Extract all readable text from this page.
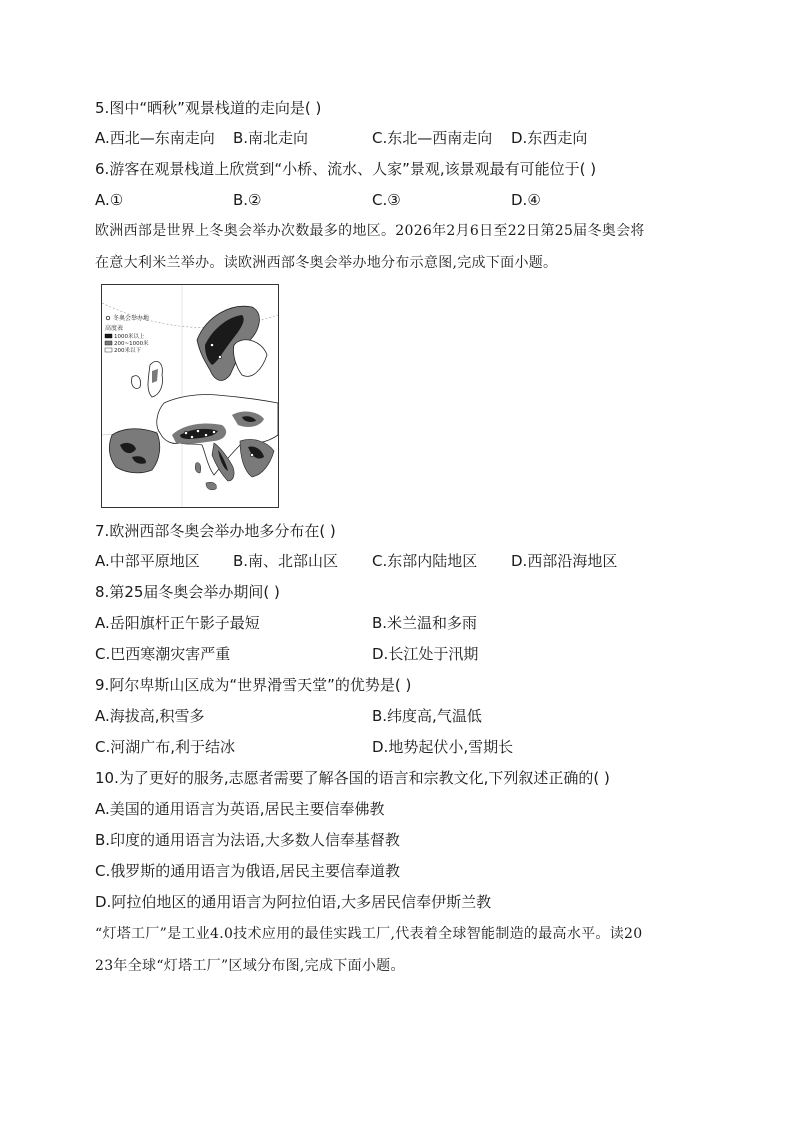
5.图中“晒秋”观景栈道的走向是( )
A.西北—东南走向 B.南北走向	C.东北—西南走向 D.东西走向
6.游客在观景栈道上欣赏到“小桥、流水、人家”景观,该景观最有可能位于( )
A.①	B.②	C.③	D.④
欧洲西部是世界上冬奥会举办次数最多的地区。2026年2月6日至22日第25届冬奥会将
在意大利米兰举办。读欧洲西部冬奥会举办地分布示意图,完成下面小题。
冬奥会举办地
高度表
1000米以上
200~1000米
200米以下
7.欧洲西部冬奥会举办地多分布在( )
A.中部平原地区 B.南、北部山区 C.东部内陆地区 D.西部沿海地区
8.第25届冬奥会举办期间( )
A.岳阳旗杆正午影子最短	B.米兰温和多雨
C.巴西寒潮灾害严重	D.长江处于汛期
9.阿尔卑斯山区成为“世界滑雪天堂”的优势是( )
A.海拔高,积雪多	B.纬度高,气温低
C.河湖广布,利于结冰	D.地势起伏小,雪期长
10.为了更好的服务,志愿者需要了解各国的语言和宗教文化,下列叙述正确的( )
A.美国的通用语言为英语,居民主要信奉佛教
B.印度的通用语言为法语,大多数人信奉基督教
C.俄罗斯的通用语言为俄语,居民主要信奉道教
D.阿拉伯地区的通用语言为阿拉伯语,大多居民信奉伊斯兰教
“灯塔工厂”是工业4.0技术应用的最佳实践工厂,代表着全球智能制造的最高水平。读20
23年全球“灯塔工厂”区域分布图,完成下面小题。
